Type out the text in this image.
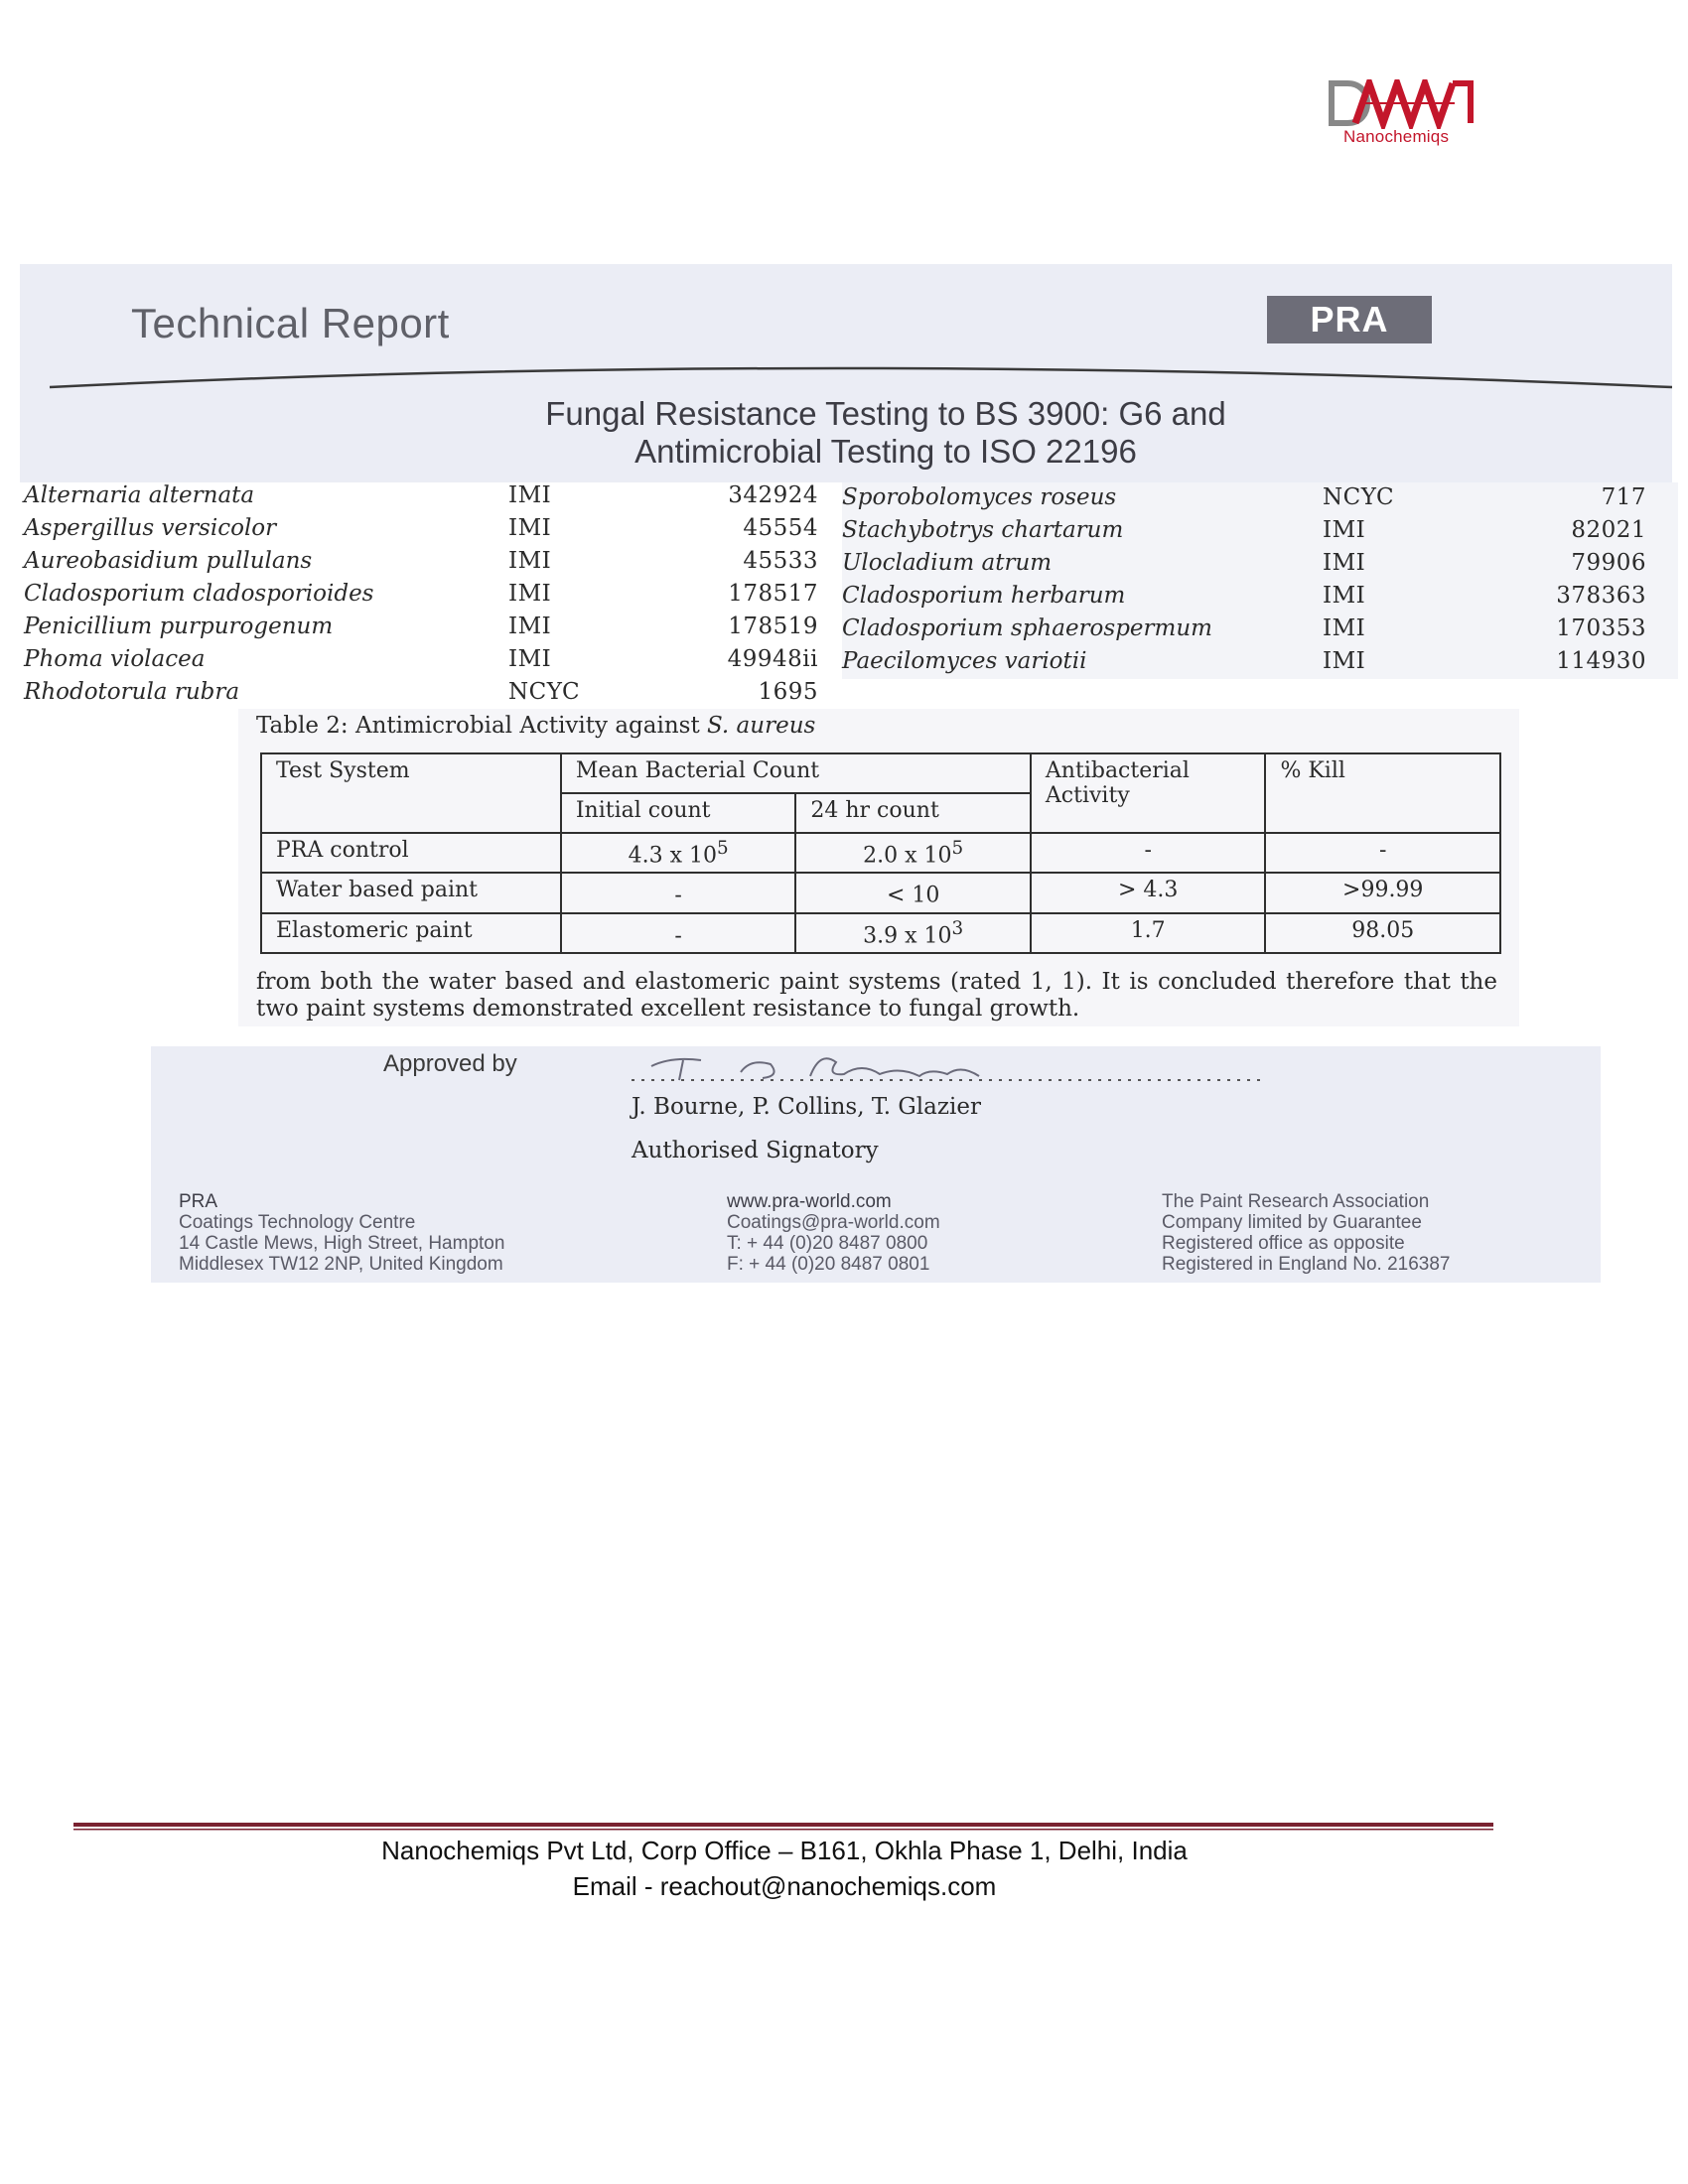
Nanochemiqs
Technical Report	PRA
Fungal Resistance Testing to BS 3900: G6 and
Antimicrobial Testing to ISO 22196
Alternaria alternata	IMI	342924
Aspergillus versicolor	IMI	45554
Aureobasidium pullulans	IMI	45533
Cladosporium cladosporioides	IMI	178517
Penicillium purpurogenum	IMI	178519
Phoma violacea	IMI	49948ii
Rhodotorula rubra	NCYC	1695
Sporobolomyces roseus	NCYC	717
Stachybotrys chartarum	IMI	82021
Ulocladium atrum	IMI	79906
Cladosporium herbarum	IMI	378363
Cladosporium sphaerospermum	IMI	170353
Paecilomyces variotii	IMI	114930
Table 2: Antimicrobial Activity against S. aureus
Test System	Mean Bacterial Count		Antibacterial Activity	% Kill
	Initial count	24 hr count		
PRA control	4.3 x $10^5$	2.0 x $10^5$	-	-
Water based paint	-	< 10	> 4.3	>99.99
Elastomeric paint	-	3.9 x $10^3$	1.7	98.05
from both the water based and elastomeric paint systems (rated 1, 1). It is concluded therefore that the two paint systems demonstrated excellent resistance to fungal growth.
Approved by
J. Bourne, P. Collins, T. Glazier
Authorised Signatory
PRA
Coatings Technology Centre
14 Castle Mews, High Street, Hampton
Middlesex TW12 2NP, United Kingdom
www.pra-world.com
Coatings@pra-world.com
T: + 44 (0)20 8487 0800
F: + 44 (0)20 8487 0801
The Paint Research Association
Company limited by Guarantee
Registered office as opposite
Registered in England No. 216387
Nanochemiqs Pvt Ltd, Corp Office – B161, Okhla Phase 1, Delhi, India
Email - reachout@nanochemiqs.com
